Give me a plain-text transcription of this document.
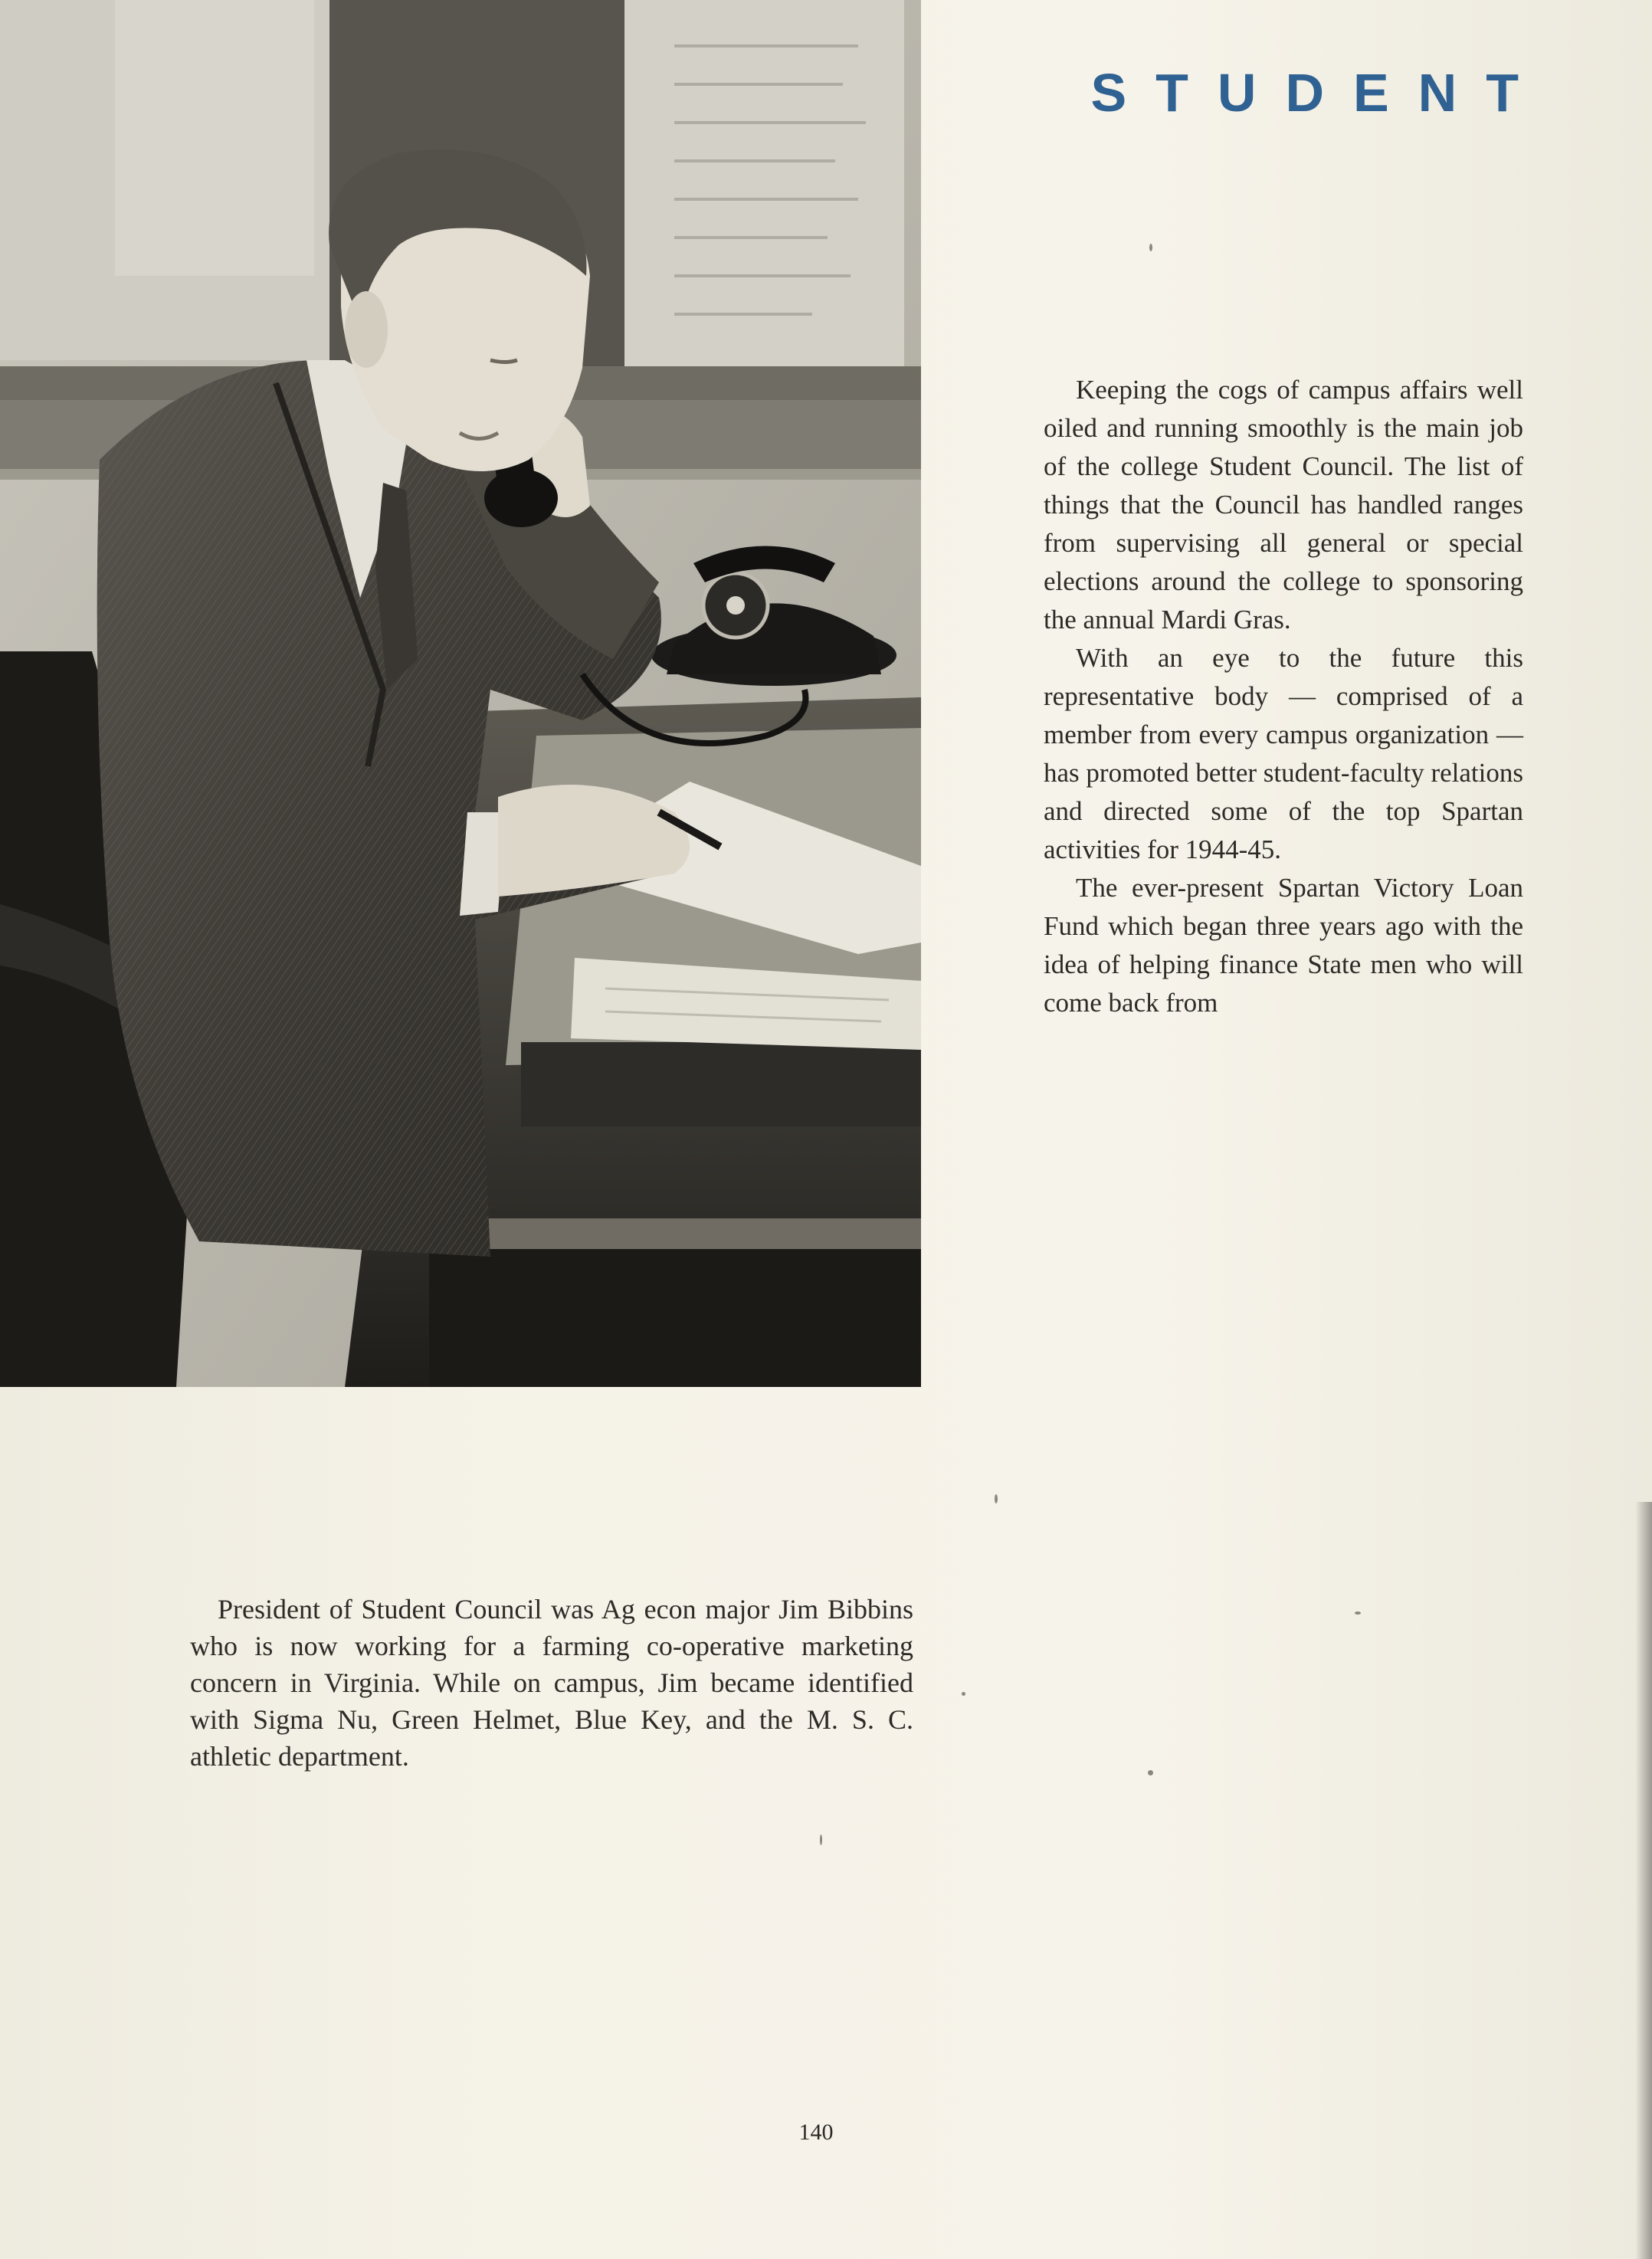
STUDENT

Keeping the cogs of campus affairs well oiled and running smoothly is the main job of the college Student Council. The list of things that the Council has handled ranges from supervising all general or special elections around the college to sponsoring the annual Mardi Gras.

With an eye to the future this representative body — comprised of a member from every campus organization — has promoted better student-faculty relations and directed some of the top Spartan activities for 1944-45.

The ever-present Spartan Victory Loan Fund which began three years ago with the idea of helping finance State men who will come back from

President of Student Council was Ag econ major Jim Bibbins who is now working for a farming co-operative marketing concern in Virginia. While on campus, Jim became identified with Sigma Nu, Green Helmet, Blue Key, and the M. S. C. athletic department.

140
